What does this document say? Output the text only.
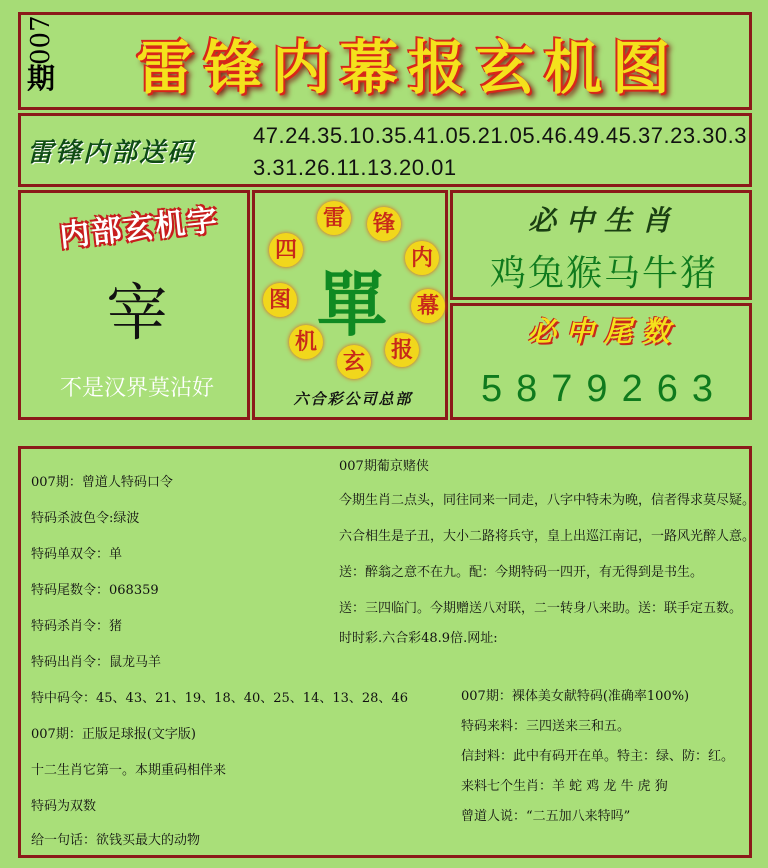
007
期	雷锋内幕报玄机图
雷锋内部送码
47.24.35.10.35.41.05.21.05.46.49.45.37.23.30.33.31.26.11.13.20.01
内部玄机字
宰
不是汉界莫沾好
雷 锋
内
幕
报
玄
机
图
四
單
六合彩公司总部
必中生肖
鸡兔猴马牛猪
必中尾数
5879263
007期：曾道人特码口令
特码杀波色令:绿波
特码单双令：单
特码尾数令：068359
特码杀肖令：猪
特码出肖令：鼠龙马羊
特中码令：45、43、21、19、18、40、25、14、13、28、46
007期：正版足球报(文字版)
十二生肖它第一。本期重码相伴来
特码为双数
给一句话：欲钱买最大的动物
007期葡京赌侠
今期生肖二点头，同往同来一同走，八字中特未为晚，信者得求莫尽疑。
六合相生是子丑，大小二路将兵守，皇上出巡江南记，一路风光醉人意。
送：醉翁之意不在九。配：今期特码一四开，有无得到是书生。
送：三四临门。今期赠送八对联，二一转身八来助。送：联手定五数。
时时彩.六合彩48.9倍.网址:
007期：裸体美女献特码(准确率100%)
特码来料：三四送来三和五。
信封料：此中有码开在单。特主：绿、防：红。
来料七个生肖：羊 蛇 鸡 龙 牛 虎 狗
曾道人说：“二五加八来特吗”
